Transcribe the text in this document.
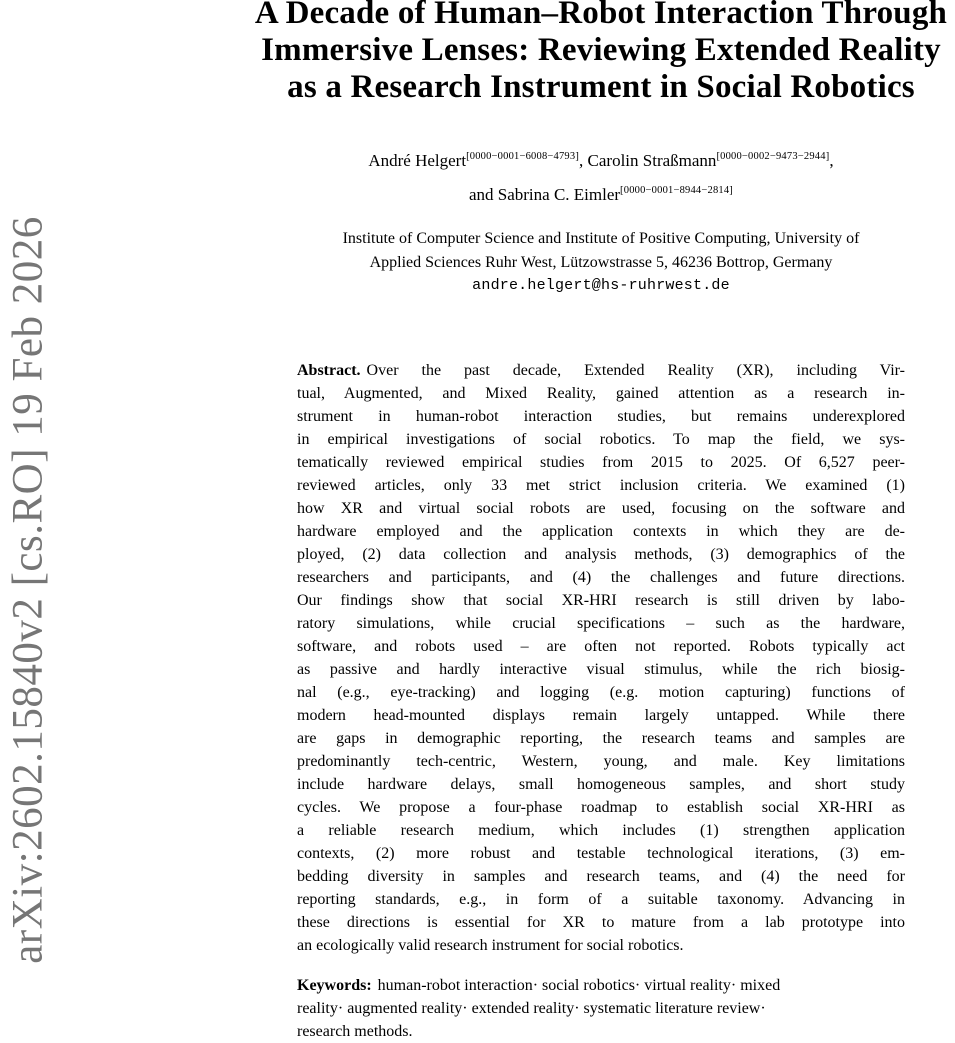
arXiv:2602.15840v2 [cs.RO] 19 Feb 2026
A Decade of Human–Robot Interaction Through
Immersive Lenses: Reviewing Extended Reality
as a Research Instrument in Social Robotics
André Helgert[0000−0001−6008−4793], Carolin Straßmann[0000−0002−9473−2944],
and Sabrina C. Eimler[0000−0001−8944−2814]
Institute of Computer Science and Institute of Positive Computing, University of
Applied Sciences Ruhr West, Lützowstrasse 5, 46236 Bottrop, Germany
andre.helgert@hs-ruhrwest.de
Abstract. Over the past decade, Extended Reality (XR), including Vir-
tual, Augmented, and Mixed Reality, gained attention as a research in-
strument in human-robot interaction studies, but remains underexplored
in empirical investigations of social robotics. To map the field, we sys-
tematically reviewed empirical studies from 2015 to 2025. Of 6,527 peer-
reviewed articles, only 33 met strict inclusion criteria. We examined (1)
how XR and virtual social robots are used, focusing on the software and
hardware employed and the application contexts in which they are de-
ployed, (2) data collection and analysis methods, (3) demographics of the
researchers and participants, and (4) the challenges and future directions.
Our findings show that social XR-HRI research is still driven by labo-
ratory simulations, while crucial specifications – such as the hardware,
software, and robots used – are often not reported. Robots typically act
as passive and hardly interactive visual stimulus, while the rich biosig-
nal (e.g., eye-tracking) and logging (e.g. motion capturing) functions of
modern head-mounted displays remain largely untapped. While there
are gaps in demographic reporting, the research teams and samples are
predominantly tech-centric, Western, young, and male. Key limitations
include hardware delays, small homogeneous samples, and short study
cycles. We propose a four-phase roadmap to establish social XR-HRI as
a reliable research medium, which includes (1) strengthen application
contexts, (2) more robust and testable technological iterations, (3) em-
bedding diversity in samples and research teams, and (4) the need for
reporting standards, e.g., in form of a suitable taxonomy. Advancing in
these directions is essential for XR to mature from a lab prototype into
an ecologically valid research instrument for social robotics.
Keywords: human-robot interaction· social robotics· virtual reality· mixed
reality· augmented reality· extended reality· systematic literature review·
research methods.
